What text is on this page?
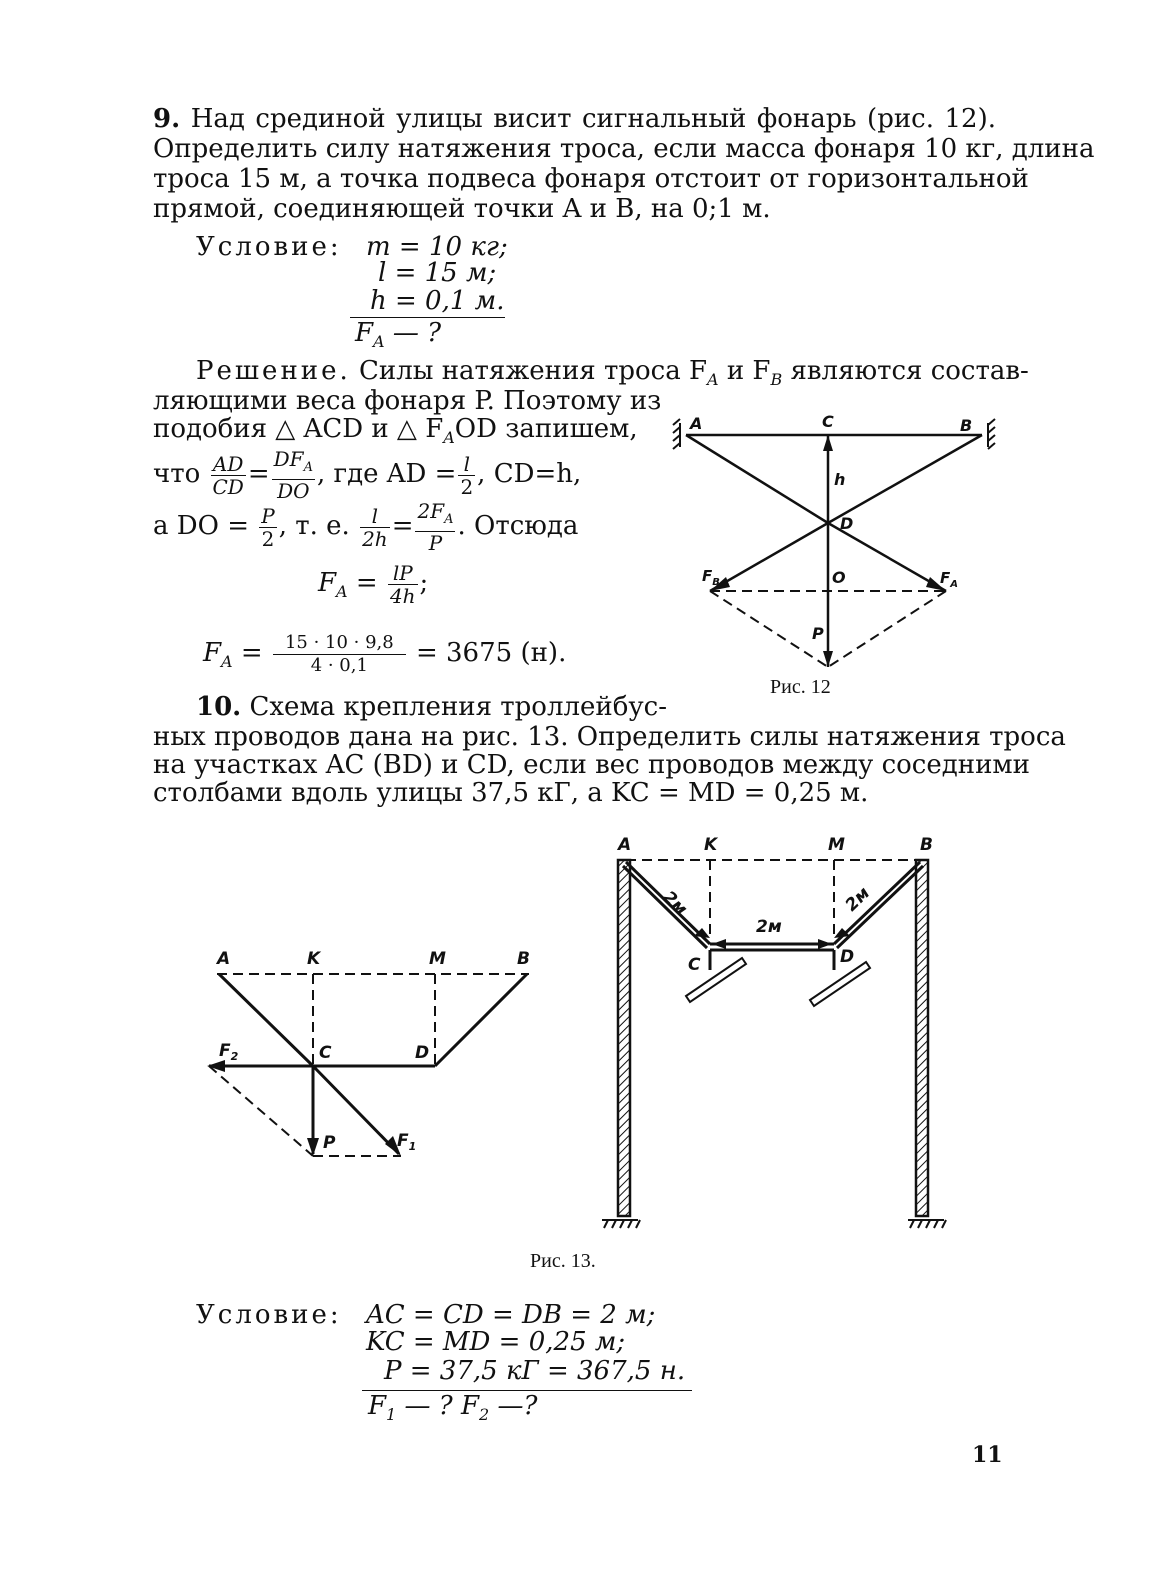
9. Над срединой улицы висит сигнальный фонарь (рис. 12).
Определить силу натяжения троса, если масса фонаря 10 кг, длина
троса 15 м, а точка подвеса фонаря отстоит от горизонтальной
прямой, соединяющей точки A и B, на 0;1 м.
Условие: m = 10 кг;
l = 15 м;
h = 0,1 м.
$F_A$ — ?
Решение. Силы натяжения троса $F_A$ и $F_B$ являются состав-
ляющими веса фонаря P. Поэтому из
подобия △ ACD и △ $F_AOD$ запишем,
что $\frac{AD}{CD} = \frac{DF_A}{DO}$ , где AD = $\frac{l}{2}$ , CD=h,
а DO = $\frac{P}{2}$ , т. е. $\frac{l}{2h} = \frac{2F_A}{P}$ . Отсюда
$F_A = \frac{lP}{4h}$ ;
$F_A = \frac{15 \cdot 10 \cdot 9,8}{4 \cdot 0,1} = 3675$ (н).
A	C	B
h
D
O
P
$F_B$	$F_A$
Рис. 12
10. Схема крепления троллейбус-
ных проводов дана на рис. 13. Определить силы натяжения троса
на участках AC (BD) и CD, если вес проводов между соседними
столбами вдоль улицы 37,5 кГ, а KC = MD = 0,25 м.
A	K	M	B
C	D
$F_2$
$F_1$
P
A	K	M	B
C	D
2м
2м
2м
Рис. 13.
Условие: AC = CD = DB = 2 м;
KC = MD = 0,25 м;
P = 37,5 кГ = 367,5 н.
$F_1$ — ? $F_2$ —?
11
